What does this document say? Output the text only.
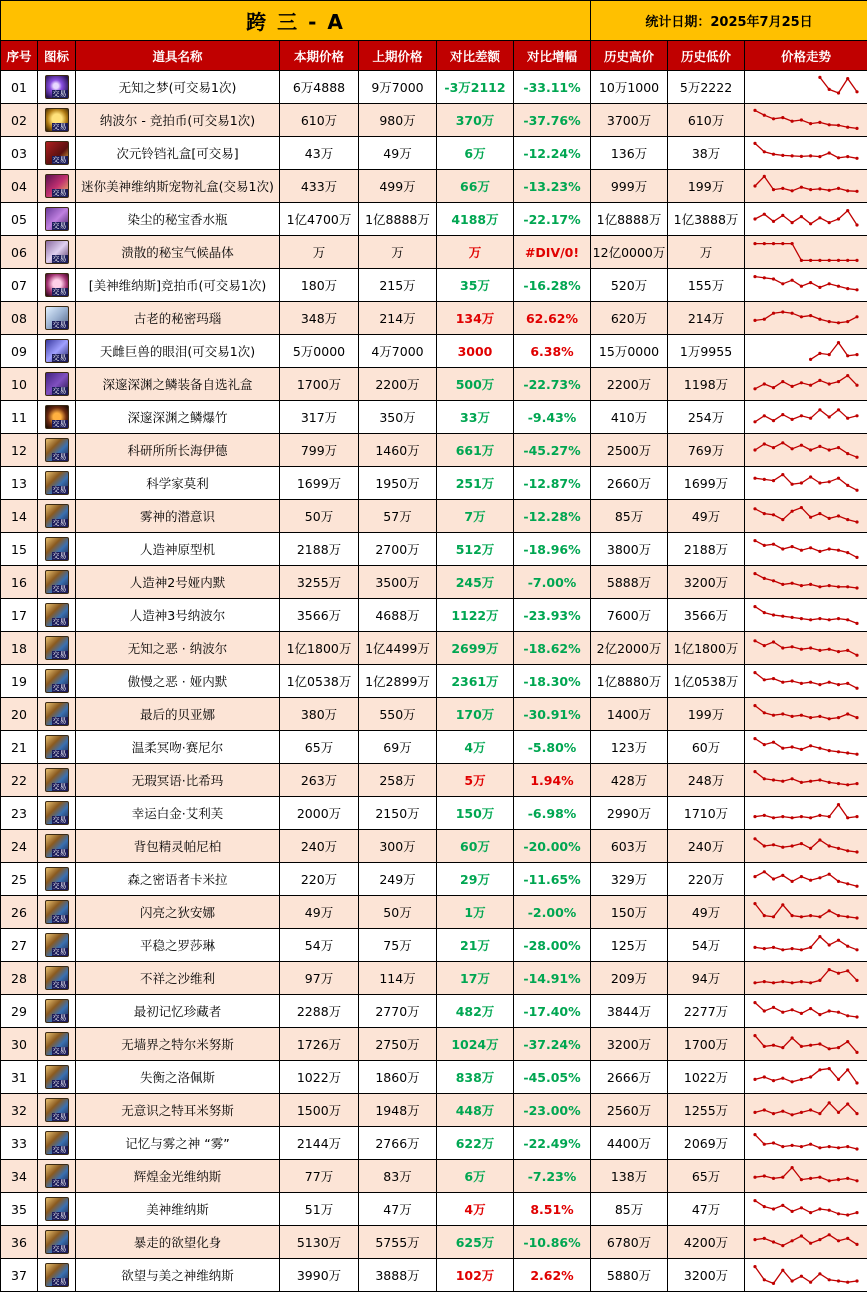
跨 三 - A							统计日期：2025年7月25日		
序号	图标	道具名称	本期价格	上期价格	对比差额	对比增幅	历史高价	历史低价	价格走势
01	交易	无知之梦(可交易1次)	6万4888	9万7000	-3万2112	-33.11%	10万1000	5万2222	

02	交易	纳波尔 - 竞拍币(可交易1次)	610万	980万	370万	-37.76%	3700万	610万	

03	交易	次元铃铛礼盒[可交易]	43万	49万	6万	-12.24%	136万	38万	

04	交易	迷你美神维纳斯宠物礼盒(交易1次)	433万	499万	66万	-13.23%	999万	199万	

05	交易	染尘的秘宝香水瓶	1亿4700万	1亿8888万	4188万	-22.17%	1亿8888万	1亿3888万	

06	交易	溃散的秘宝气候晶体	万	万	万	#DIV/0!	12亿0000万	万	

07	交易	[美神维纳斯]竞拍币(可交易1次)	180万	215万	35万	-16.28%	520万	155万	

08	交易	古老的秘密玛瑙	348万	214万	134万	62.62%	620万	214万	

09	交易	天雌巨兽的眼泪(可交易1次)	5万0000	4万7000	3000	6.38%	15万0000	1万9955	

10	交易	深邃深渊之鳞装备自选礼盒	1700万	2200万	500万	-22.73%	2200万	1198万	

11	交易	深邃深渊之鳞爆竹	317万	350万	33万	-9.43%	410万	254万	

12	交易	科研所所长海伊德	799万	1460万	661万	-45.27%	2500万	769万	

13	交易	科学家莫利	1699万	1950万	251万	-12.87%	2660万	1699万	

14	交易	雾神的潜意识	50万	57万	7万	-12.28%	85万	49万	

15	交易	人造神原型机	2188万	2700万	512万	-18.96%	3800万	2188万	

16	交易	人造神2号娅内默	3255万	3500万	245万	-7.00%	5888万	3200万	

17	交易	人造神3号纳波尔	3566万	4688万	1122万	-23.93%	7600万	3566万	

18	交易	无知之恶 · 纳波尔	1亿1800万	1亿4499万	2699万	-18.62%	2亿2000万	1亿1800万	

19	交易	傲慢之恶 · 娅内默	1亿0538万	1亿2899万	2361万	-18.30%	1亿8880万	1亿0538万	

20	交易	最后的贝亚娜	380万	550万	170万	-30.91%	1400万	199万	

21	交易	温柔冥吻·赛尼尔	65万	69万	4万	-5.80%	123万	60万	

22	交易	无瑕冥语·比希玛	263万	258万	5万	1.94%	428万	248万	

23	交易	幸运白金·艾利芙	2000万	2150万	150万	-6.98%	2990万	1710万	

24	交易	背包精灵帕尼柏	240万	300万	60万	-20.00%	603万	240万	

25	交易	森之密语者卡米拉	220万	249万	29万	-11.65%	329万	220万	

26	交易	闪亮之狄安娜	49万	50万	1万	-2.00%	150万	49万	

27	交易	平稳之罗莎琳	54万	75万	21万	-28.00%	125万	54万	

28	交易	不祥之沙维利	97万	114万	17万	-14.91%	209万	94万	

29	交易	最初记忆珍藏者	2288万	2770万	482万	-17.40%	3844万	2277万	

30	交易	无墙界之特尔米努斯	1726万	2750万	1024万	-37.24%	3200万	1700万	

31	交易	失衡之洛佩斯	1022万	1860万	838万	-45.05%	2666万	1022万	

32	交易	无意识之特耳米努斯	1500万	1948万	448万	-23.00%	2560万	1255万	

33	交易	记忆与雾之神 “雾”	2144万	2766万	622万	-22.49%	4400万	2069万	

34	交易	辉煌金光维纳斯	77万	83万	6万	-7.23%	138万	65万	

35	交易	美神维纳斯	51万	47万	4万	8.51%	85万	47万	

36	交易	暴走的欲望化身	5130万	5755万	625万	-10.86%	6780万	4200万	

37	交易	欲望与美之神维纳斯	3990万	3888万	102万	2.62%	5880万	3200万	
